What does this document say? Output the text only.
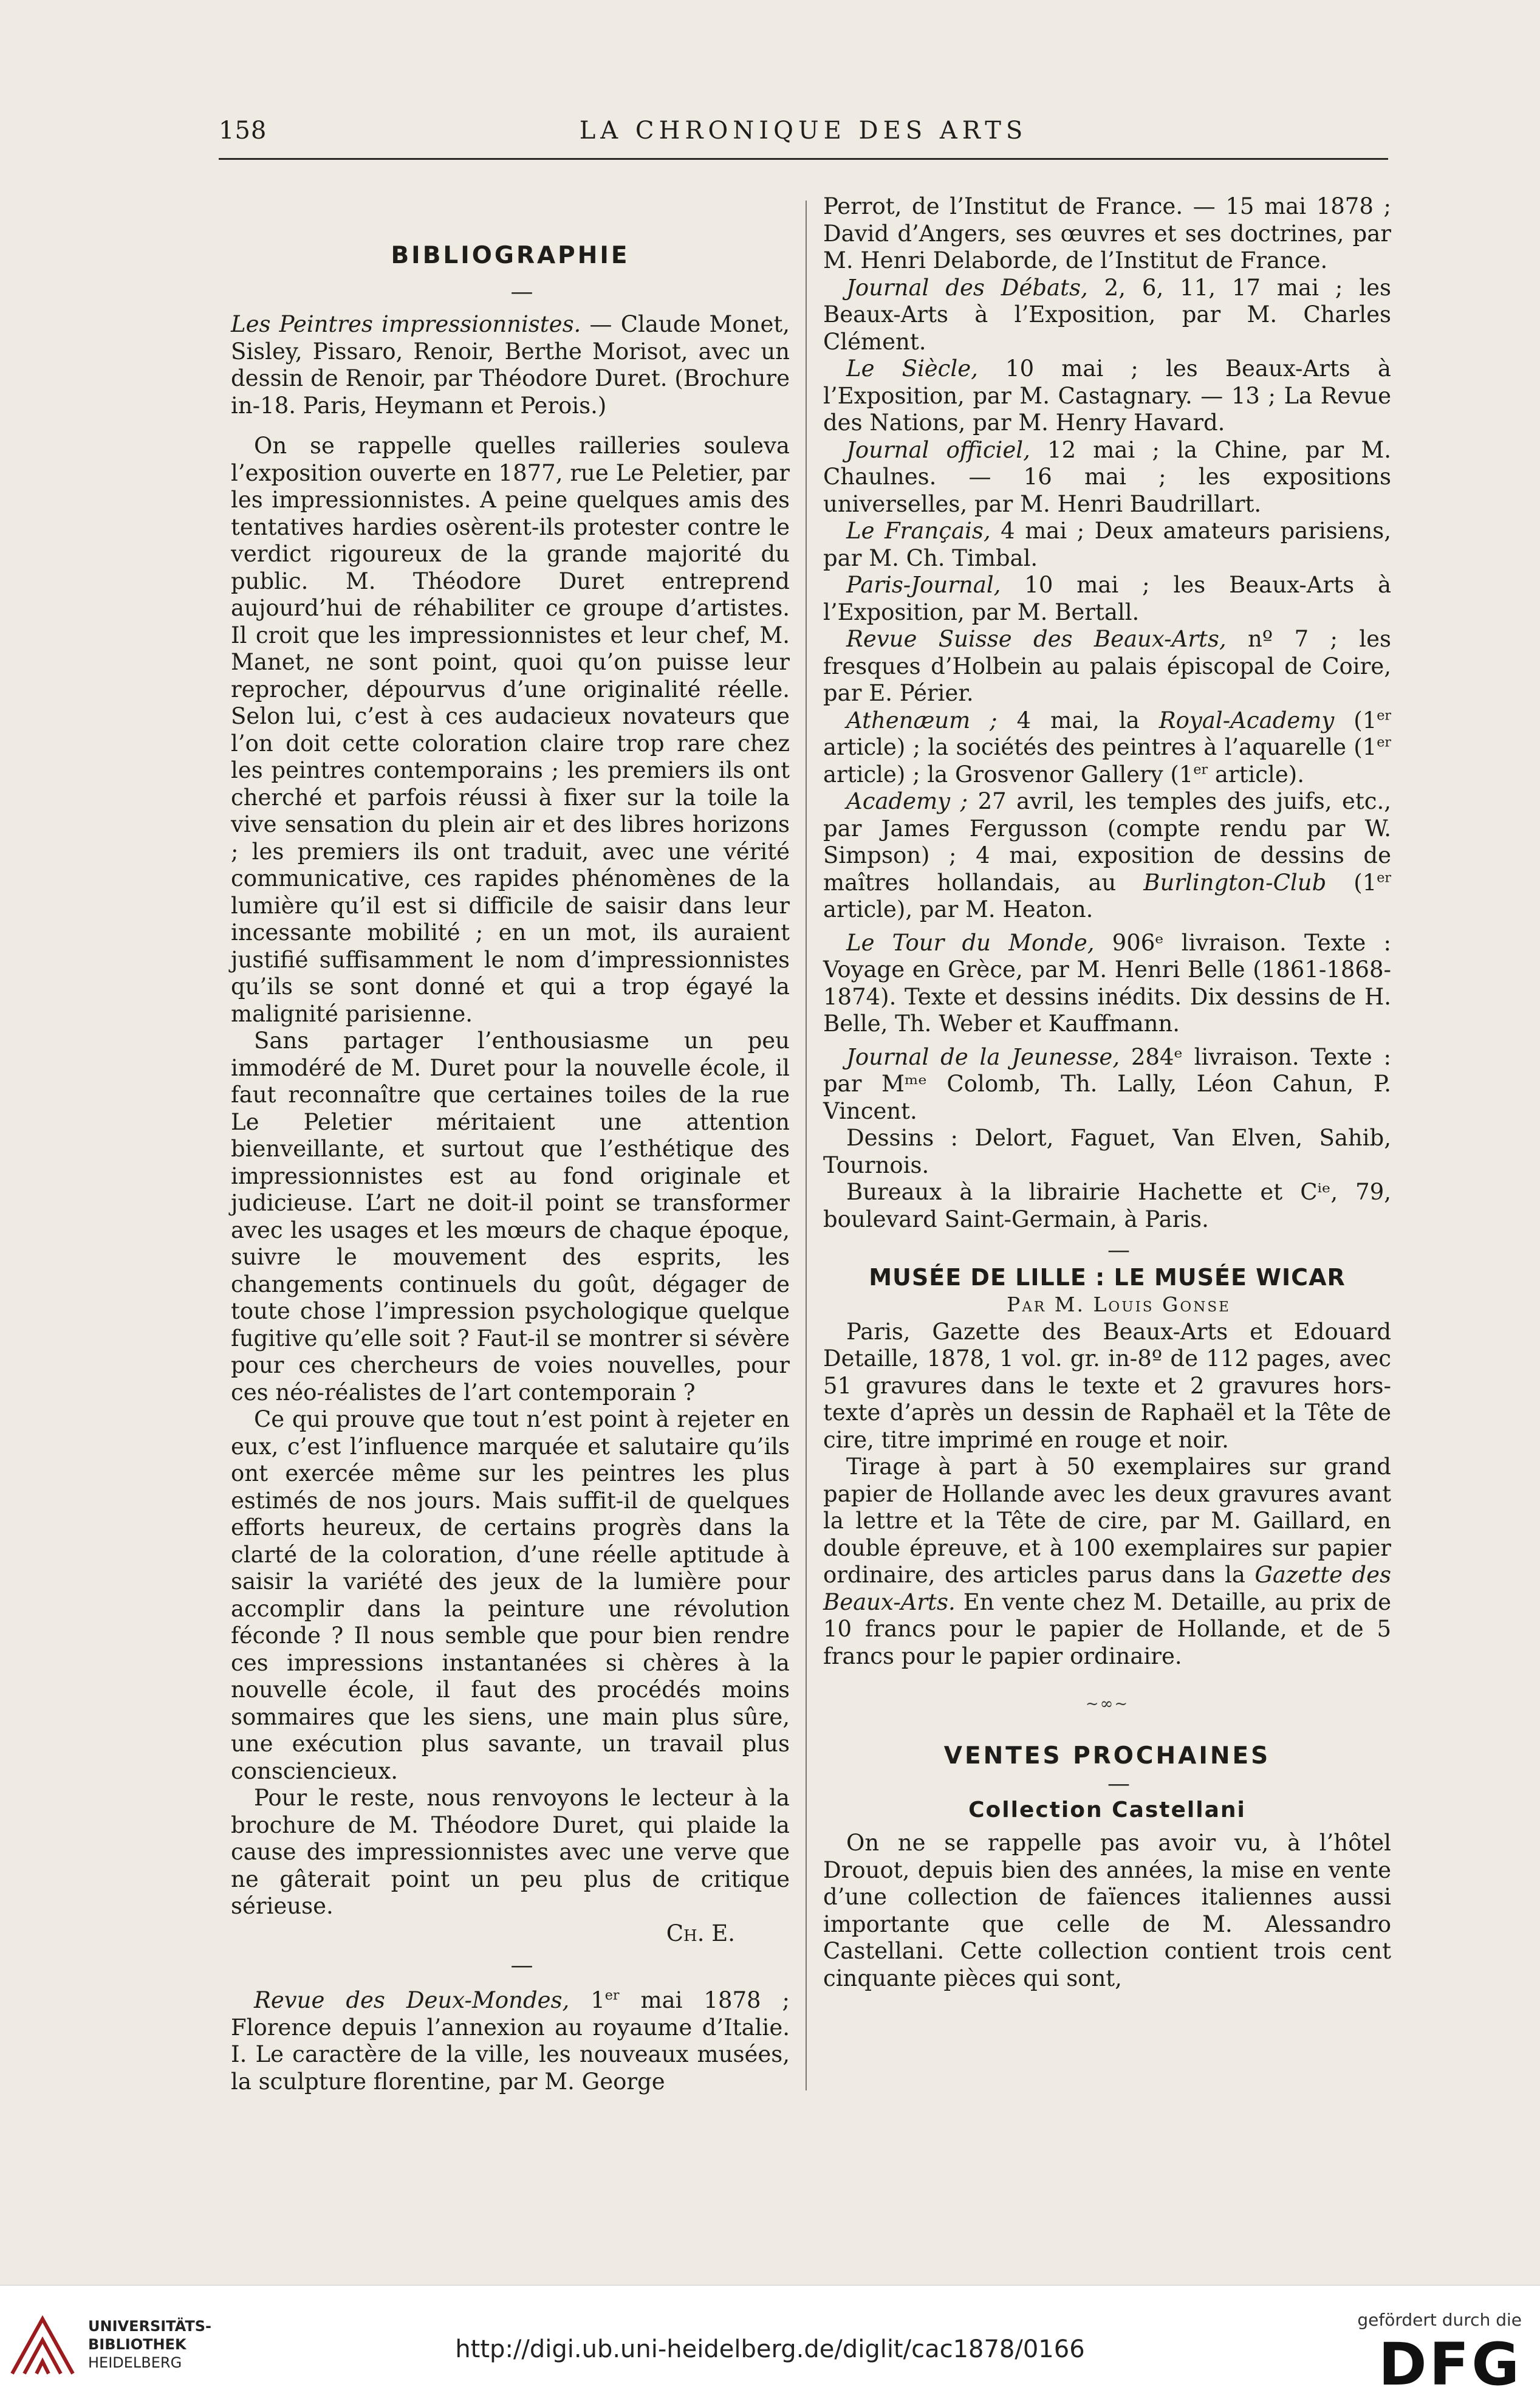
158	LA CHRONIQUE DES ARTS
BIBLIOGRAPHIE

—

Les Peintres impressionnistes. — Claude Monet, Sisley, Pissaro, Renoir, Berthe Morisot, avec un dessin de Renoir, par Théodore Duret. (Brochure in-18. Paris, Heymann et Perois.)

On se rappelle quelles railleries souleva l’exposition ouverte en 1877, rue Le Peletier, par les impressionnistes. A peine quelques amis des tentatives hardies osèrent-ils protester contre le verdict rigoureux de la grande majorité du public. M. Théodore Duret entreprend aujourd’hui de réhabiliter ce groupe d’artistes. Il croit que les impressionnistes et leur chef, M. Manet, ne sont point, quoi qu’on puisse leur reprocher, dépourvus d’une originalité réelle. Selon lui, c’est à ces audacieux novateurs que l’on doit cette coloration claire trop rare chez les peintres contemporains ; les premiers ils ont cherché et parfois réussi à fixer sur la toile la vive sensation du plein air et des libres horizons ; les premiers ils ont traduit, avec une vérité communicative, ces rapides phénomènes de la lumière qu’il est si difficile de saisir dans leur incessante mobilité ; en un mot, ils auraient justifié suffisamment le nom d’impressionnistes qu’ils se sont donné et qui a trop égayé la malignité parisienne.

Sans partager l’enthousiasme un peu immodéré de M. Duret pour la nouvelle école, il faut reconnaître que certaines toiles de la rue Le Peletier méritaient une attention bienveillante, et surtout que l’esthétique des impressionnistes est au fond originale et judicieuse. L’art ne doit-il point se transformer avec les usages et les mœurs de chaque époque, suivre le mouvement des esprits, les changements continuels du goût, dégager de toute chose l’impression psychologique quelque fugitive qu’elle soit ? Faut-il se montrer si sévère pour ces chercheurs de voies nouvelles, pour ces néo-réalistes de l’art contemporain ?

Ce qui prouve que tout n’est point à rejeter en eux, c’est l’influence marquée et salutaire qu’ils ont exercée même sur les peintres les plus estimés de nos jours. Mais suffit-il de quelques efforts heureux, de certains progrès dans la clarté de la coloration, d’une réelle aptitude à saisir la variété des jeux de la lumière pour accomplir dans la peinture une révolution féconde ? Il nous semble que pour bien rendre ces impressions instantanées si chères à la nouvelle école, il faut des procédés moins sommaires que les siens, une main plus sûre, une exécution plus savante, un travail plus consciencieux.

Pour le reste, nous renvoyons le lecteur à la brochure de M. Théodore Duret, qui plaide la cause des impressionnistes avec une verve que ne gâterait point un peu plus de critique sérieuse.

Ch. E.

—

Revue des Deux-Mondes, 1er mai 1878 ; Florence depuis l’annexion au royaume d’Italie. I. Le caractère de la ville, les nouveaux musées, la sculpture florentine, par M. George

Perrot, de l’Institut de France. — 15 mai 1878 ; David d’Angers, ses œuvres et ses doctrines, par M. Henri Delaborde, de l’Institut de France.

Journal des Débats, 2, 6, 11, 17 mai ; les Beaux-Arts à l’Exposition, par M. Charles Clément.

Le Siècle, 10 mai ; les Beaux-Arts à l’Exposition, par M. Castagnary. — 13 ; La Revue des Nations, par M. Henry Havard.

Journal officiel, 12 mai ; la Chine, par M. Chaulnes. — 16 mai ; les expositions universelles, par M. Henri Baudrillart.

Le Français, 4 mai ; Deux amateurs parisiens, par M. Ch. Timbal.

Paris-Journal, 10 mai ; les Beaux-Arts à l’Exposition, par M. Bertall.

Revue Suisse des Beaux-Arts, nº 7 ; les fresques d’Holbein au palais épiscopal de Coire, par E. Périer.

Athenæum ; 4 mai, la Royal-Academy (1er article) ; la sociétés des peintres à l’aquarelle (1er article) ; la Grosvenor Gallery (1er article).

Academy ; 27 avril, les temples des juifs, etc., par James Fergusson (compte rendu par W. Simpson) ; 4 mai, exposition de dessins de maîtres hollandais, au Burlington-Club (1er article), par M. Heaton.

Le Tour du Monde, 906ᵉ livraison. Texte : Voyage en Grèce, par M. Henri Belle (1861-1868-1874). Texte et dessins inédits. Dix dessins de H. Belle, Th. Weber et Kauffmann.

Journal de la Jeunesse, 284ᵉ livraison. Texte : par Mᵐᵉ Colomb, Th. Lally, Léon Cahun, P. Vincent.

Dessins : Delort, Faguet, Van Elven, Sahib, Tournois.

Bureaux à la librairie Hachette et Cⁱᵉ, 79, boulevard Saint-Germain, à Paris.

—

MUSÉE DE LILLE : LE MUSÉE WICAR

Par M. Louis Gonse

Paris, Gazette des Beaux-Arts et Edouard Detaille, 1878, 1 vol. gr. in-8º de 112 pages, avec 51 gravures dans le texte et 2 gravures hors-texte d’après un dessin de Raphaël et la Tête de cire, titre imprimé en rouge et noir.

Tirage à part à 50 exemplaires sur grand papier de Hollande avec les deux gravures avant la lettre et la Tête de cire, par M. Gaillard, en double épreuve, et à 100 exemplaires sur papier ordinaire, des articles parus dans la Gazette des Beaux-Arts. En vente chez M. Detaille, au prix de 10 francs pour le papier de Hollande, et de 5 francs pour le papier ordinaire.

~∞~
VENTES PROCHAINES

—

Collection Castellani

On ne se rappelle pas avoir vu, à l’hôtel Drouot, depuis bien des années, la mise en vente d’une collection de faïences italiennes aussi importante que celle de M. Alessandro Castellani. Cette collection contient trois cent cinquante pièces qui sont,

UNIVERSITÄTS-
BIBLIOTHEK
HEIDELBERG	http://digi.ub.uni-heidelberg.de/diglit/cac1878/0166
gefördert durch die
DFG
